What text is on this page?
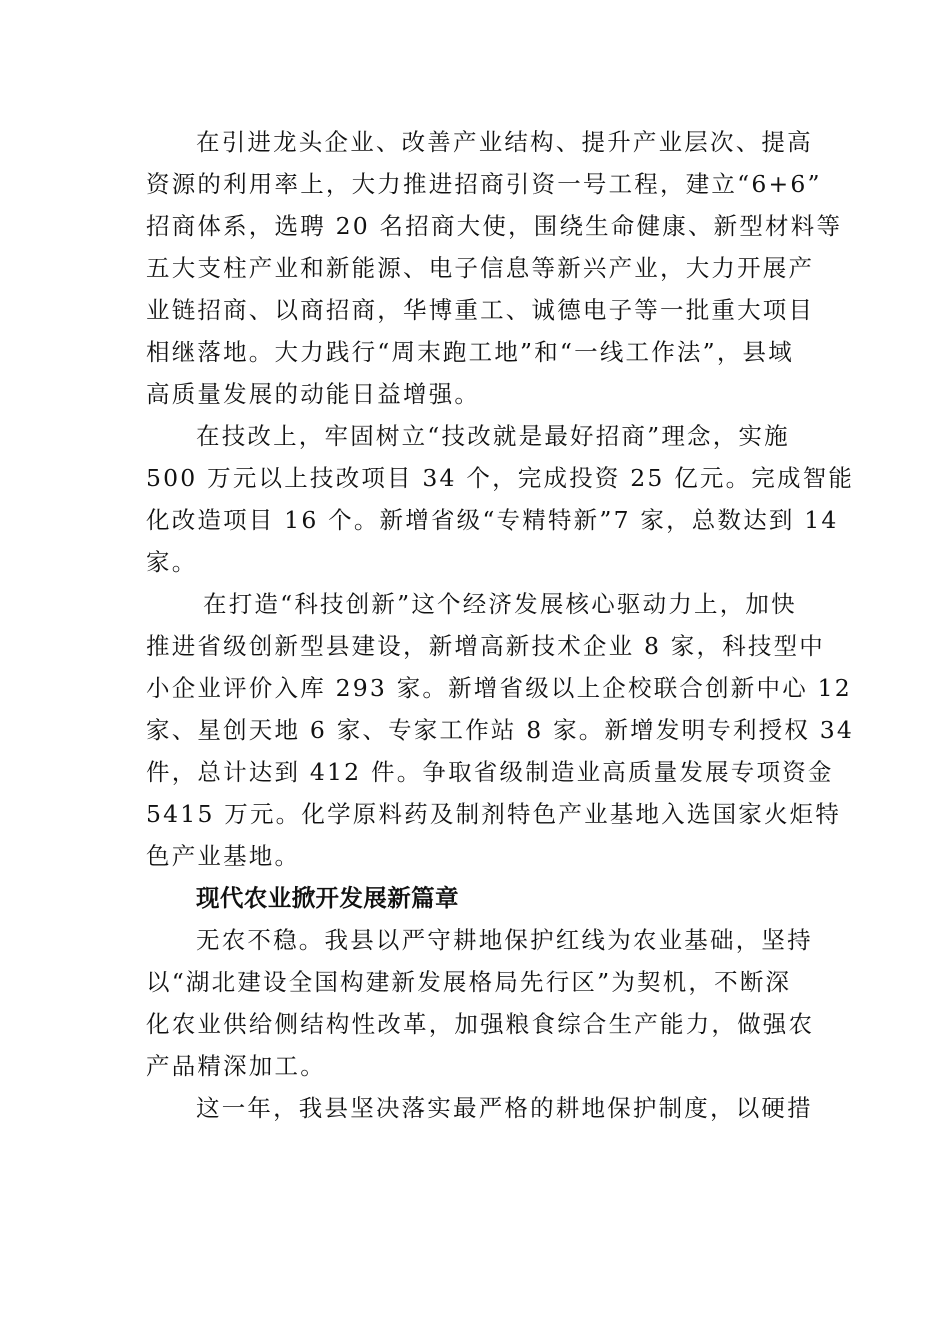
在引进龙头企业、改善产业结构、提升产业层次、提高
资源的利用率上，大力推进招商引资一号工程，建立“6+6”
招商体系，选聘 20 名招商大使，围绕生命健康、新型材料等
五大支柱产业和新能源、电子信息等新兴产业，大力开展产
业链招商、以商招商，华博重工、诚德电子等一批重大项目
相继落地。大力践行“周末跑工地”和“一线工作法”，县域
高质量发展的动能日益增强。
在技改上，牢固树立“技改就是最好招商”理念，实施
500 万元以上技改项目 34 个，完成投资 25 亿元。完成智能
化改造项目 16 个。新增省级“专精特新”7 家，总数达到 14
家。
在打造“科技创新”这个经济发展核心驱动力上，加快
推进省级创新型县建设，新增高新技术企业 8 家，科技型中
小企业评价入库 293 家。新增省级以上企校联合创新中心 12
家、星创天地 6 家、专家工作站 8 家。新增发明专利授权 34
件，总计达到 412 件。争取省级制造业高质量发展专项资金
5415 万元。化学原料药及制剂特色产业基地入选国家火炬特
色产业基地。
现代农业掀开发展新篇章
无农不稳。我县以严守耕地保护红线为农业基础，坚持
以“湖北建设全国构建新发展格局先行区”为契机，不断深
化农业供给侧结构性改革，加强粮食综合生产能力，做强农
产品精深加工。
这一年，我县坚决落实最严格的耕地保护制度，以硬措
